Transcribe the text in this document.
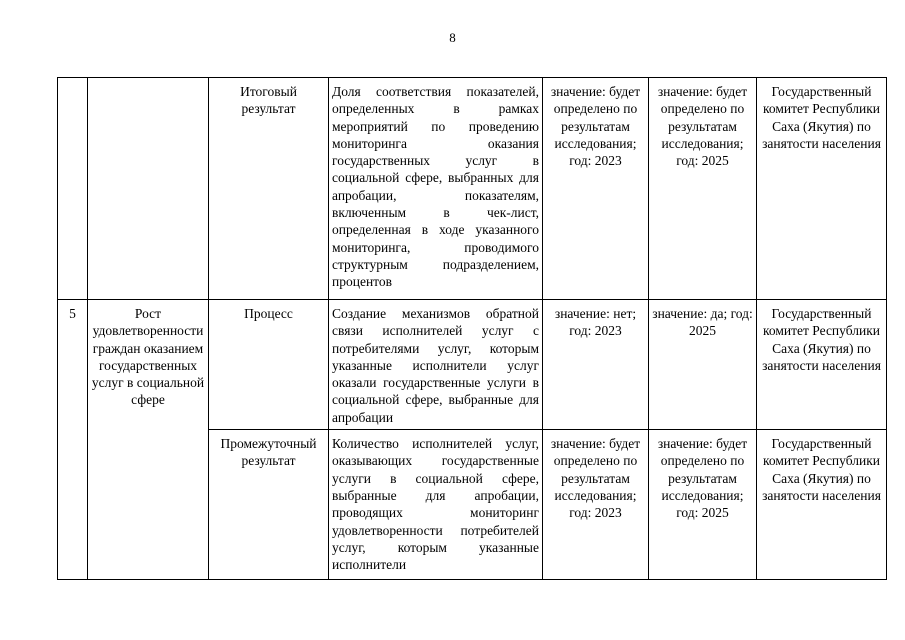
8
		Итоговый результат	Доля соответствия показателей, определенных в рамках мероприятий по проведению мониторинга оказания государственных услуг в социальной сфере, выбранных для апробации, показателям, включенным в чек-лист, определенная в ходе указанного мониторинга, проводимого структурным подразделением, процентов	значение: будет определено по результатам исследования; год: 2023	значение: будет определено по результатам исследования; год: 2025	Государственный комитет Республики Саха (Якутия) по занятости населения
5	Рост удовлетворенности граждан оказанием государственных услуг в социальной сфере	Процесс	Создание механизмов обратной связи исполнителей услуг с потребителями услуг, которым указанные исполнители услуг оказали государственные услуги в социальной сфере, выбранные для апробации	значение: нет; год: 2023	значение: да; год: 2025	Государственный комитет Республики Саха (Якутия) по занятости населения
		Промежуточный результат	Количество исполнителей услуг, оказывающих государственные услуги в социальной сфере, выбранные для апробации, проводящих мониторинг удовлетворенности потребителей услуг, которым указанные исполнители	значение: будет определено по результатам исследования; год: 2023	значение: будет определено по результатам исследования; год: 2025	Государственный комитет Республики Саха (Якутия) по занятости населения
